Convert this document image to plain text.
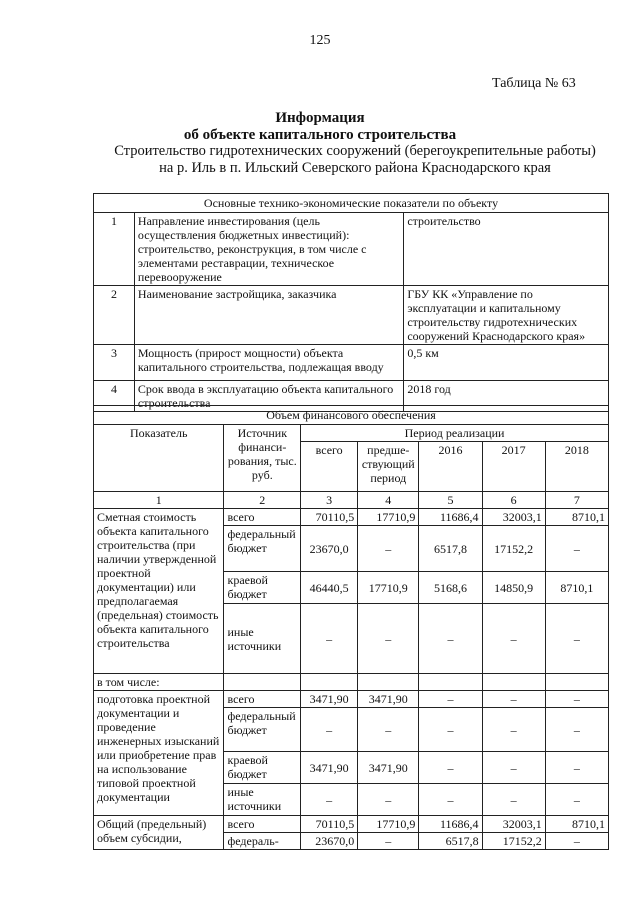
125
Таблица № 63
Информация
об объекте капитального строительства
Строительство гидротехнических сооружений (берегоукрепительные работы)
на р. Иль в п. Ильский Северского района Краснодарского края
Основные технико-экономические показатели по объекту		
1	Направление инвестирования (цель осуществления бюджетных инвестиций): строительство, реконструкция, в том числе с элементами реставрации, техническое перевооружение	строительство
2	Наименование застройщика, заказчика	ГБУ КК «Управление по эксплуатации и капитальному строительству гидротехнических сооружений Краснодарского края»
3	Мощность (прирост мощности) объекта капитального строительства, подлежащая вводу	0,5 км
4	Срок ввода в эксплуатацию объекта капитального строительства	2018 год
Объем финансового обеспечения						
Показатель	Источник финанси-рования, тыс. руб.	Период реализации				
		всего	предше-ствующий период	2016	2017	2018
1	2	3	4	5	6	7
Сметная стоимость объекта капитального строительства (при наличии утвержденной проектной документации) или предполагаемая (предельная) стоимость объекта капитального строительства	всего	70110,5	17710,9	11686,4	32003,1	8710,1
	федеральный бюджет	23670,0	–	6517,8	17152,2	–
	краевой бюджет	46440,5	17710,9	5168,6	14850,9	8710,1
	иные источники	–	–	–	–	–
в том числе:						
подготовка проектной документации и проведение инженерных изысканий или приобретение прав на использование типовой проектной документации	всего	3471,90	3471,90	–	–	–
	федеральный бюджет	–	–	–	–	–
	краевой бюджет	3471,90	3471,90	–	–	–
	иные источники	–	–	–	–	–
Общий (предельный) объем субсидии,	всего	70110,5	17710,9	11686,4	32003,1	8710,1
	федераль-	23670,0	–	6517,8	17152,2	–
